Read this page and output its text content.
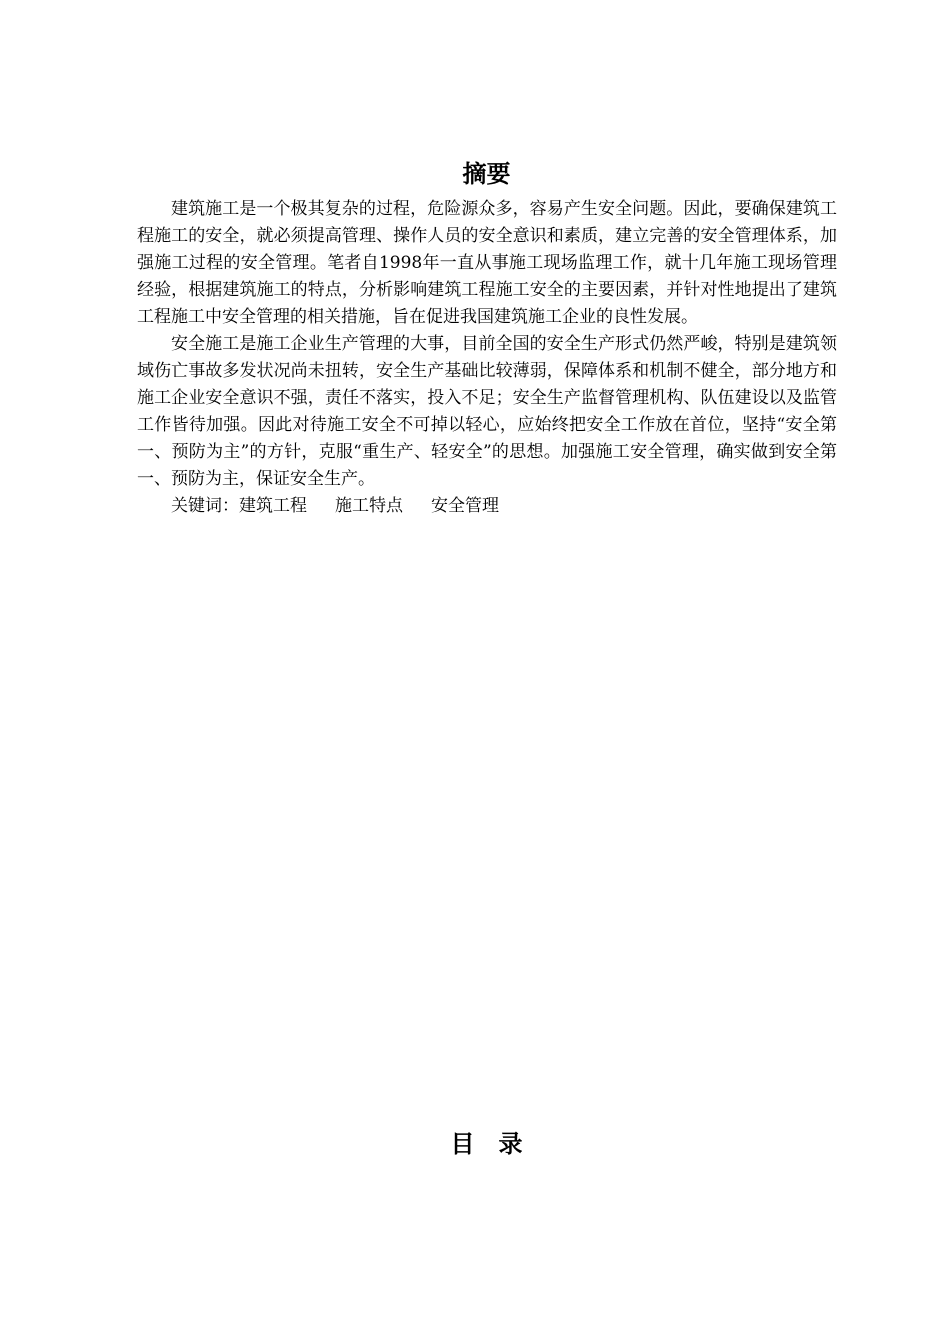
摘要

建筑施工是一个极其复杂的过程，危险源众多，容易产生安全问题。因此，要确保建筑工程施工的安全，就必须提高管理、操作人员的安全意识和素质，建立完善的安全管理体系，加强施工过程的安全管理。笔者自1998年一直从事施工现场监理工作，就十几年施工现场管理经验，根据建筑施工的特点，分析影响建筑工程施工安全的主要因素，并针对性地提出了建筑工程施工中安全管理的相关措施，旨在促进我国建筑施工企业的良性发展。

安全施工是施工企业生产管理的大事，目前全国的安全生产形式仍然严峻，特别是建筑领域伤亡事故多发状况尚未扭转，安全生产基础比较薄弱，保障体系和机制不健全，部分地方和施工企业安全意识不强，责任不落实，投入不足；安全生产监督管理机构、队伍建设以及监管工作皆待加强。因此对待施工安全不可掉以轻心，应始终把安全工作放在首位，坚持“安全第一、预防为主”的方针，克服“重生产、轻安全”的思想。加强施工安全管理，确实做到安全第一、预防为主，保证安全生产。

关键词：建筑工程 施工特点 安全管理

目　录
